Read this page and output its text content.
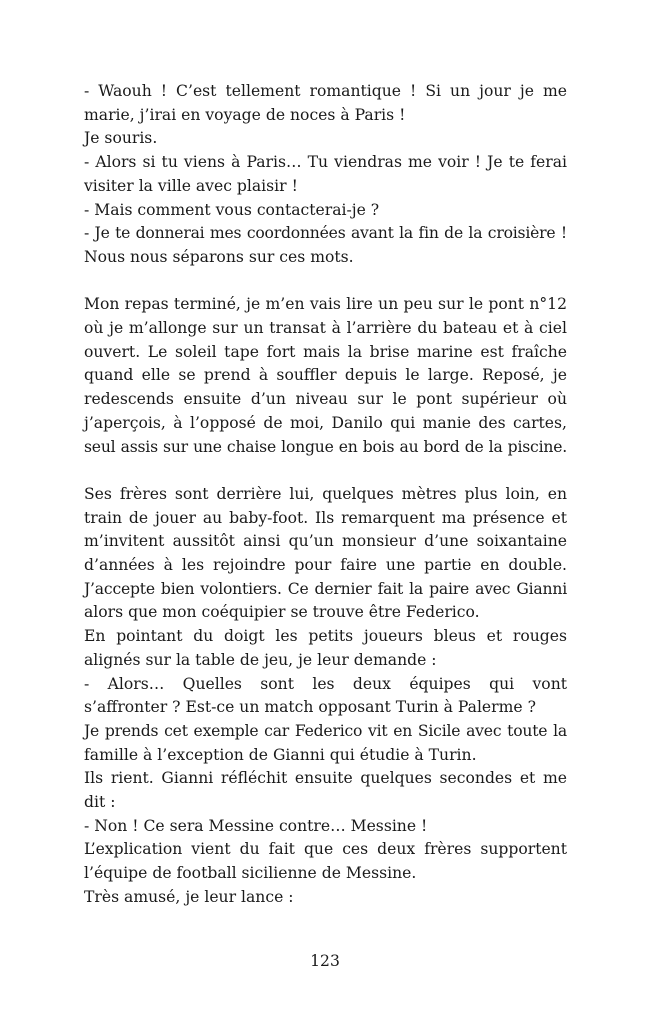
- Waouh ! C’est tellement romantique ! Si un jour je me
marie, j’irai en voyage de noces à Paris !
Je souris.
- Alors si tu viens à Paris… Tu viendras me voir ! Je te ferai
visiter la ville avec plaisir !
- Mais comment vous contacterai-je ?
- Je te donnerai mes coordonnées avant la fin de la croisière !
Nous nous séparons sur ces mots.
Mon repas terminé, je m’en vais lire un peu sur le pont n°12
où je m’allonge sur un transat à l’arrière du bateau et à ciel
ouvert. Le soleil tape fort mais la brise marine est fraîche
quand elle se prend à souffler depuis le large. Reposé, je
redescends ensuite d’un niveau sur le pont supérieur où
j’aperçois, à l’opposé de moi, Danilo qui manie des cartes,
seul assis sur une chaise longue en bois au bord de la piscine.
Ses frères sont derrière lui, quelques mètres plus loin, en
train de jouer au baby-foot. Ils remarquent ma présence et
m’invitent aussitôt ainsi qu’un monsieur d’une soixantaine
d’années à les rejoindre pour faire une partie en double.
J’accepte bien volontiers. Ce dernier fait la paire avec Gianni
alors que mon coéquipier se trouve être Federico.
En pointant du doigt les petits joueurs bleus et rouges
alignés sur la table de jeu, je leur demande :
- Alors… Quelles sont les deux équipes qui vont
s’affronter ? Est-ce un match opposant Turin à Palerme ?
Je prends cet exemple car Federico vit en Sicile avec toute la
famille à l’exception de Gianni qui étudie à Turin.
Ils rient. Gianni réfléchit ensuite quelques secondes et me
dit :
- Non ! Ce sera Messine contre… Messine !
L’explication vient du fait que ces deux frères supportent
l’équipe de football sicilienne de Messine.
Très amusé, je leur lance :
123
